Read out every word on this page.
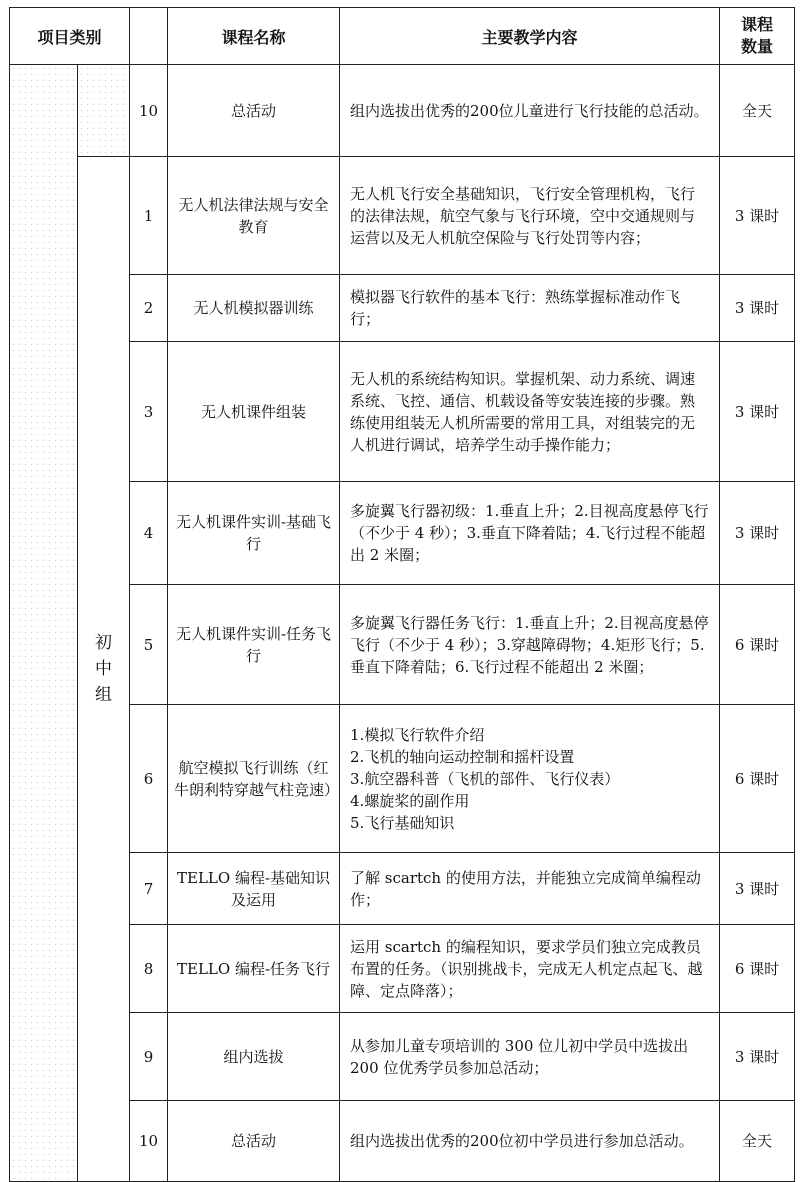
项目类别			课程名称	主要教学内容	课程
数量

		10	总活动	组内选拔出优秀的200位儿童进行飞行技能的总活动。	全天
	初中组	1	无人机法律法规与安全教育	无人机飞行安全基础知识，飞行安全管理机构，飞行的法律法规，航空气象与飞行环境，空中交通规则与运营以及无人机航空保险与飞行处罚等内容；	3 课时
		2	无人机模拟器训练	模拟器飞行软件的基本飞行：熟练掌握标准动作飞行；	3 课时
		3	无人机课件组装	无人机的系统结构知识。掌握机架、动力系统、调速系统、飞控、通信、机载设备等安装连接的步骤。熟练使用组装无人机所需要的常用工具，对组装完的无人机进行调试，培养学生动手操作能力；	3 课时
		4	无人机课件实训-基础飞行	多旋翼飞行器初级：1.垂直上升；2.目视高度悬停飞行（不少于 4 秒）；3.垂直下降着陆；4.飞行过程不能超出 2 米圈；	3 课时
		5	无人机课件实训-任务飞行	多旋翼飞行器任务飞行：1.垂直上升；2.目视高度悬停飞行（不少于 4 秒）；3.穿越障碍物；4.矩形飞行；5.垂直下降着陆；6.飞行过程不能超出 2 米圈；	6 课时
		6	航空模拟飞行训练（红牛朗利特穿越气柱竞速）	1.模拟飞行软件介绍
2.飞机的轴向运动控制和摇杆设置
3.航空器科普（飞机的部件、飞行仪表）
4.螺旋桨的副作用
5.飞行基础知识	6 课时
		7	TELLO 编程-基础知识及运用	了解 scartch 的使用方法，并能独立完成简单编程动作；	3 课时
		8	TELLO 编程-任务飞行	运用 scartch 的编程知识，要求学员们独立完成教员布置的任务。（识别挑战卡，完成无人机定点起飞、越障、定点降落）；	6 课时
		9	组内选拔	从参加儿童专项培训的 300 位儿初中学员中选拔出 200 位优秀学员参加总活动；	3 课时
		10	总活动	组内选拔出优秀的200位初中学员进行参加总活动。	全天
